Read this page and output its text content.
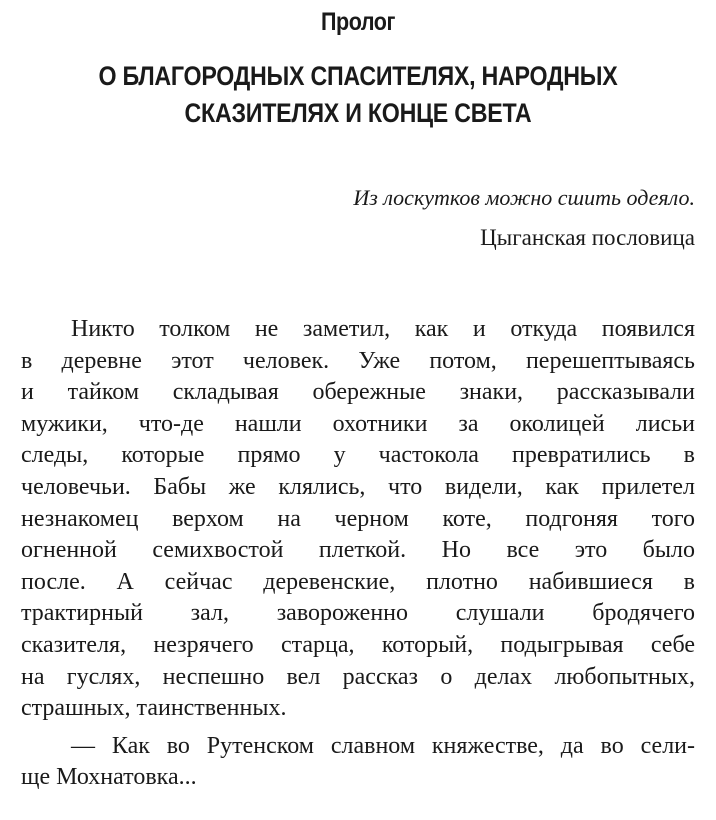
Пролог
О БЛАГОРОДНЫХ СПАСИТЕЛЯХ, НАРОДНЫХ
СКАЗИТЕЛЯХ И КОНЦЕ СВЕТА
Из лоскутков можно сшить одеяло.
Цыганская пословица
Никто толком не заметил, как и откуда появился
в деревне этот человек. Уже потом, перешептываясь
и тайком складывая обережные знаки, рассказывали
мужики, что-де нашли охотники за околицей лисьи
следы, которые прямо у частокола превратились в
человечьи. Бабы же клялись, что видели, как прилетел
незнакомец верхом на черном коте, подгоняя того
огненной семихвостой плеткой. Но все это было
после. А сейчас деревенские, плотно набившиеся в
трактирный зал, завороженно слушали бродячего
сказителя, незрячего старца, который, подыгрывая себе
на гуслях, неспешно вел рассказ о делах любопытных,
страшных, таинственных.
— Как во Рутенском славном княжестве, да во сели-
ще Мохнатовка...
